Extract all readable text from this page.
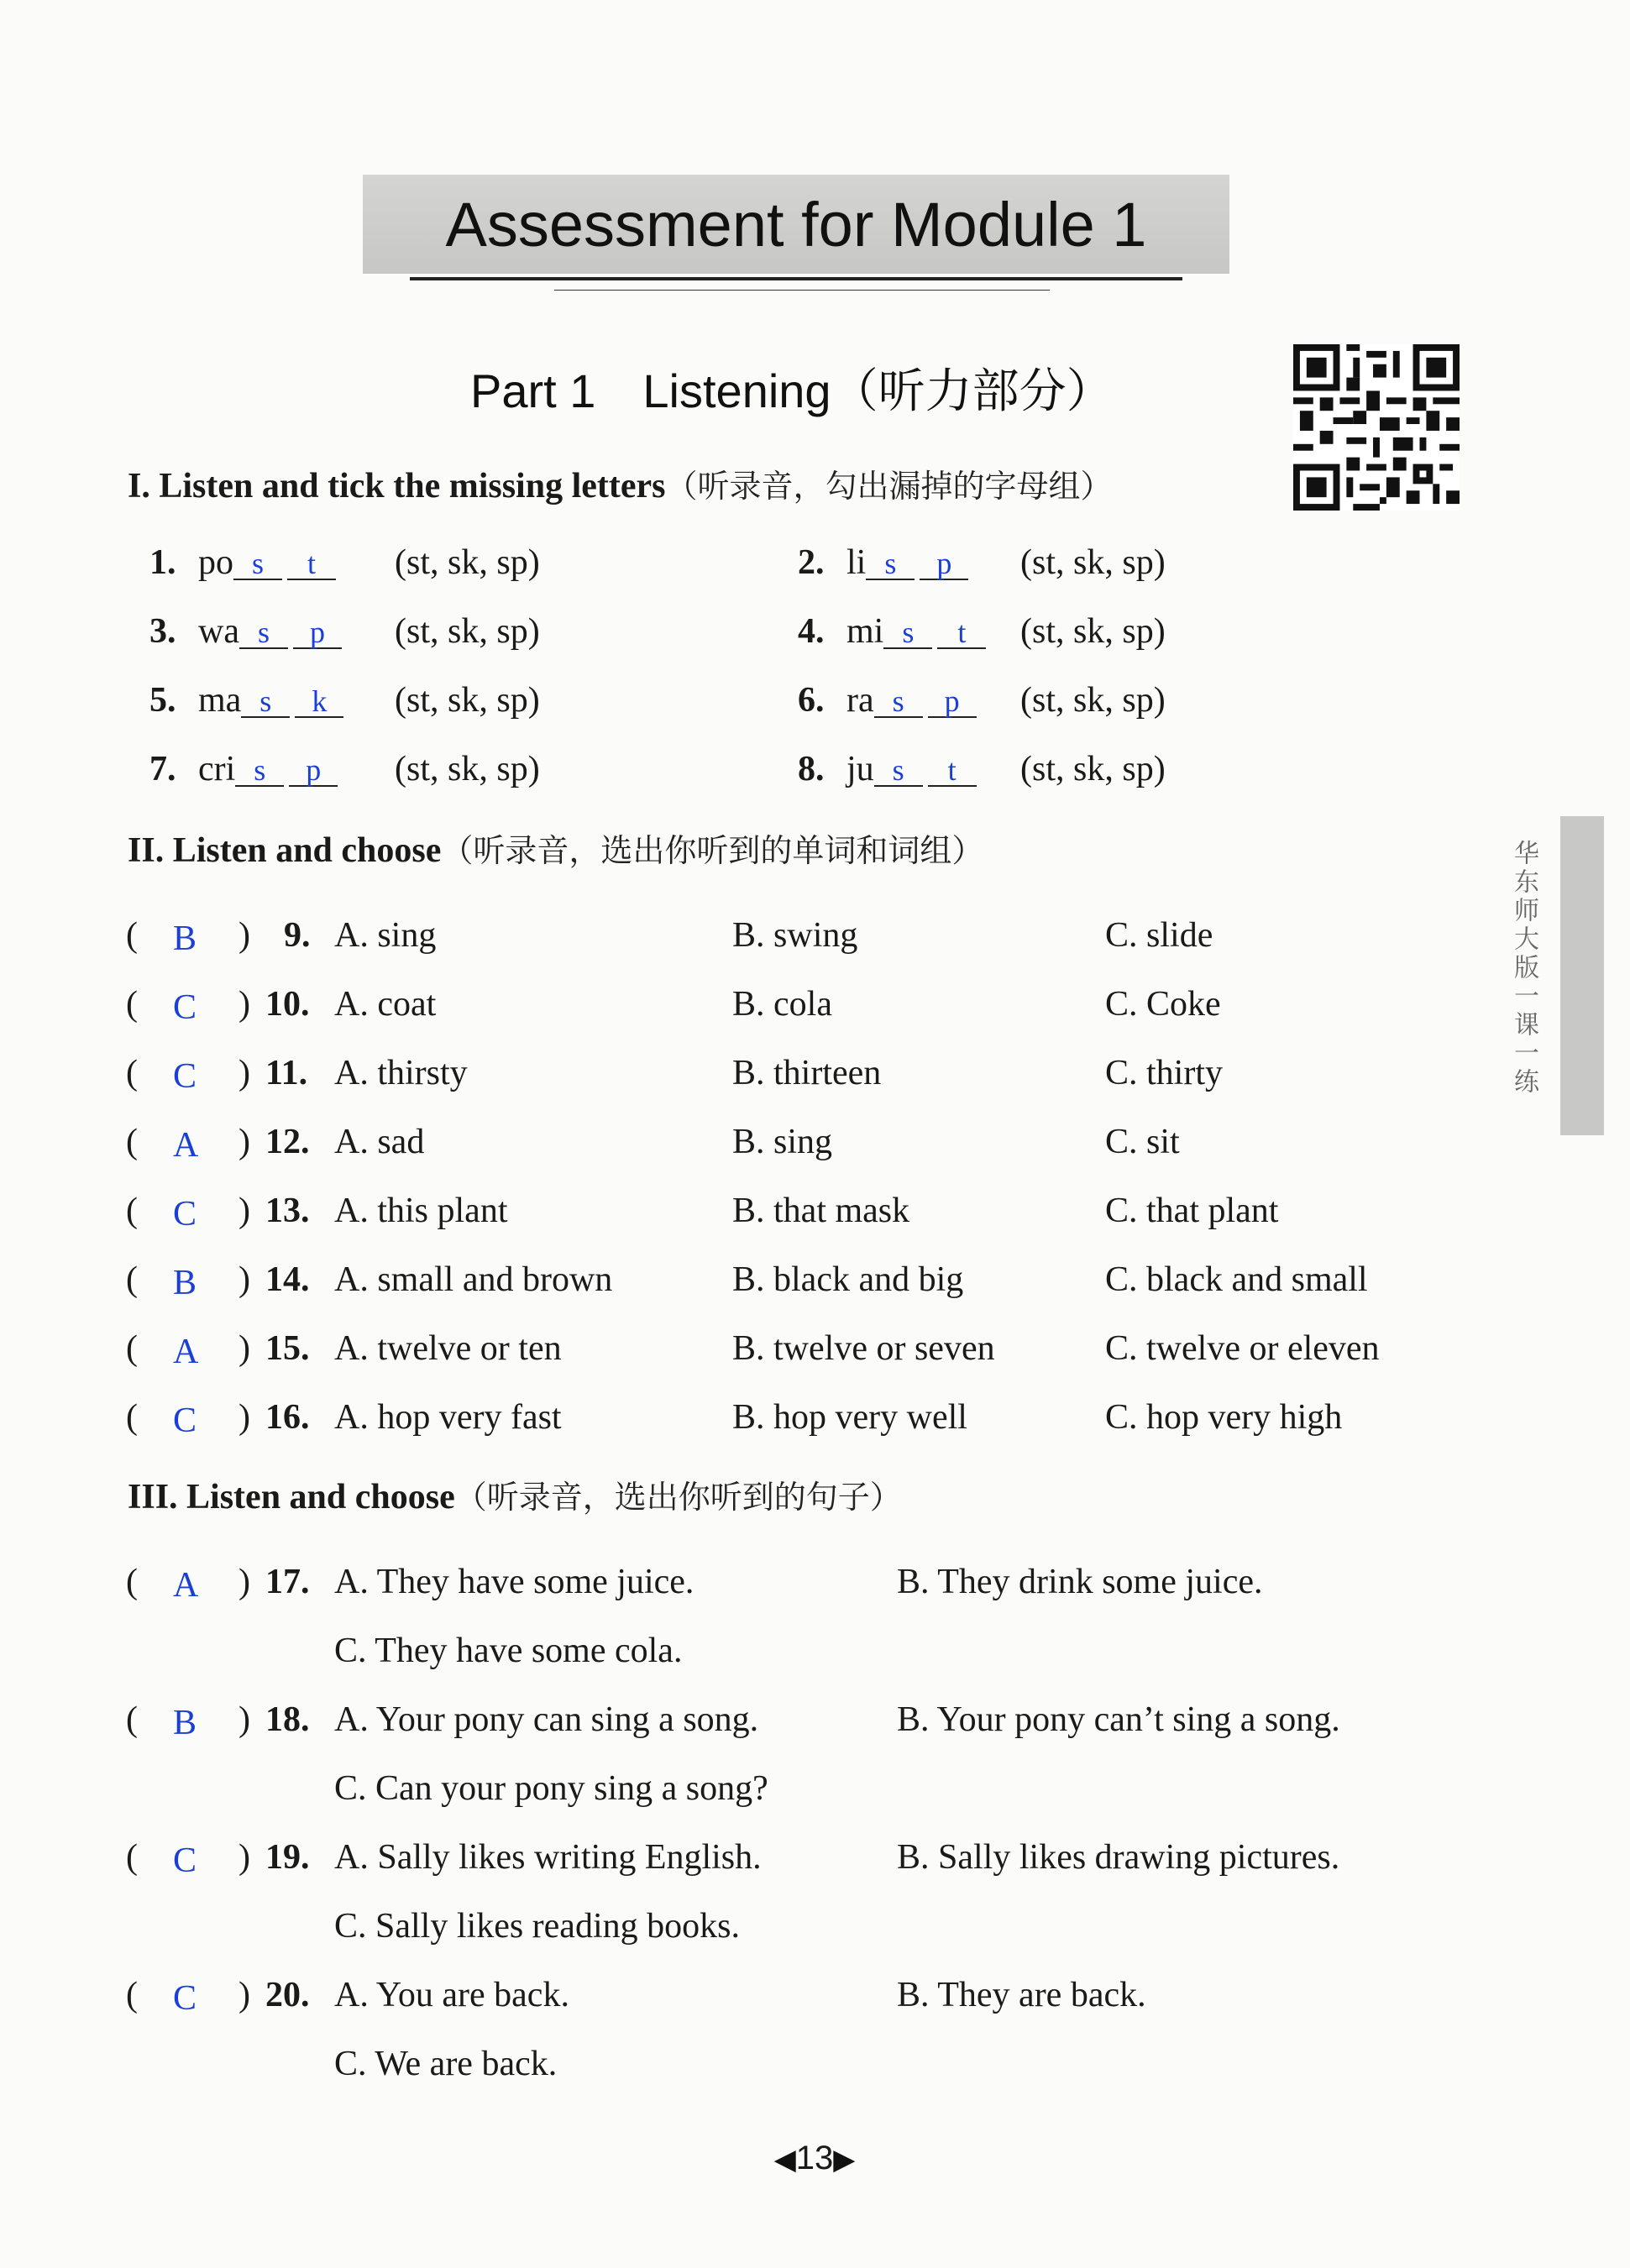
Assessment for Module 1
Part 1 Listening（听力部分）
I. Listen and tick the missing letters（听录音，勾出漏掉的字母组）
1. po s t	(st, sk, sp)	2. li s p	(st, sk, sp)
3. wa s p	(st, sk, sp)	4. mi s t	(st, sk, sp)
5. ma s k	(st, sk, sp)	6. ra s p	(st, sk, sp)
7. cri s p	(st, sk, sp)	8. ju s t	(st, sk, sp)
II. Listen and choose（听录音，选出你听到的单词和词组）
( B ) 9. A. sing	B. swing	C. slide
( C ) 10. A. coat	B. cola	C. Coke
( C ) 11. A. thirsty	B. thirteen	C. thirty
( A ) 12. A. sad	B. sing	C. sit
( C ) 13. A. this plant	B. that mask	C. that plant
( B ) 14. A. small and brown	B. black and big	C. black and small
( A ) 15. A. twelve or ten	B. twelve or seven	C. twelve or eleven
( C ) 16. A. hop very fast	B. hop very well	C. hop very high
III. Listen and choose（听录音，选出你听到的句子）
( A ) 17. A. They have some juice.	B. They drink some juice.
C. They have some cola.
( B ) 18. A. Your pony can sing a song.	B. Your pony can’t sing a song.
C. Can your pony sing a song?
( C ) 19. A. Sally likes writing English.	B. Sally likes drawing pictures.
C. Sally likes reading books.
( C ) 20. A. You are back.	B. They are back.
C. We are back.
华东师大版一课一练
◀13▶
